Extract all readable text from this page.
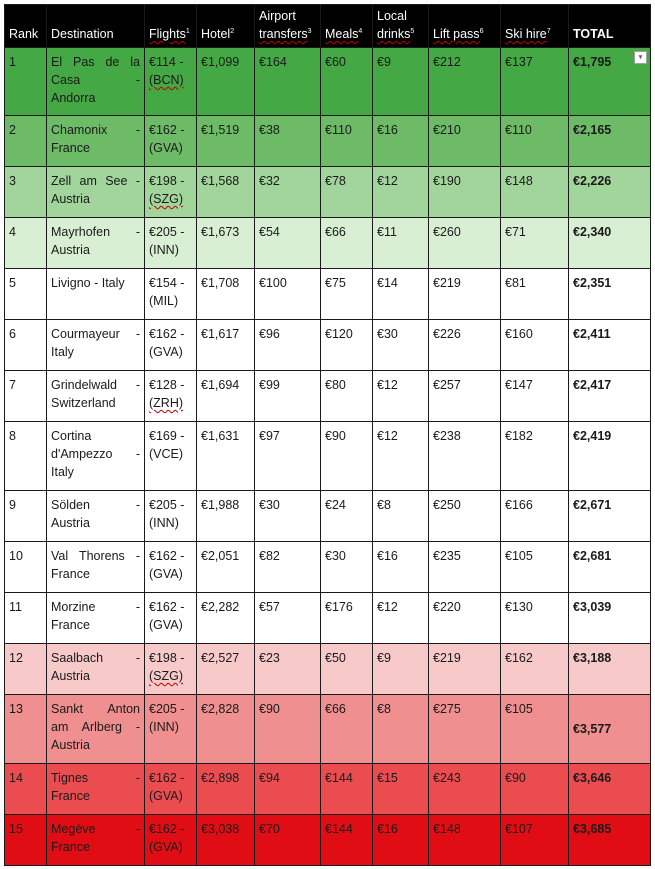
Rank	Destination	Flights$^1$	Hotel$^2$	Airport
transfers$^3$	Meals$^4$	Local
drinks$^5$	Lift pass$^6$	Ski hire$^7$	TOTAL
1	El Pas de la
Casa -
Andorra	€114 -
(BCN)	€1,099	€164	€60	€9	€212	€137	€1,795 ▾

2	Chamonix -
France	€162 -
(GVA)	€1,519	€38	€110	€16	€210	€110	€2,165
3	Zell am See -
Austria	€198 -
(SZG)	€1,568	€32	€78	€12	€190	€148	€2,226
4	Mayrhofen -
Austria	€205 -
(INN)	€1,673	€54	€66	€11	€260	€71	€2,340
5	Livigno - Italy	€154 -
(MIL)	€1,708	€100	€75	€14	€219	€81	€2,351
6	Courmayeur -
Italy	€162 -
(GVA)	€1,617	€96	€120	€30	€226	€160	€2,411
7	Grindelwald -
Switzerland	€128 -
(ZRH)	€1,694	€99	€80	€12	€257	€147	€2,417
8	Cortina
d'Ampezzo -
Italy	€169 -
(VCE)	€1,631	€97	€90	€12	€238	€182	€2,419
9	Sölden -
Austria	€205 -
(INN)	€1,988	€30	€24	€8	€250	€166	€2,671
10	Val Thorens -
France	€162 -
(GVA)	€2,051	€82	€30	€16	€235	€105	€2,681
11	Morzine -
France	€162 -
(GVA)	€2,282	€57	€176	€12	€220	€130	€3,039
12	Saalbach -
Austria	€198 -
(SZG)	€2,527	€23	€50	€9	€219	€162	€3,188
13	Sankt Anton
am Arlberg -
Austria	€205 -
(INN)	€2,828	€90	€66	€8	€275	€105	€3,577
14	Tignes -
France	€162 -
(GVA)	€2,898	€94	€144	€15	€243	€90	€3,646
15	Megève -
France	€162 -
(GVA)	€3,038	€70	€144	€16	€148	€107	€3,685
